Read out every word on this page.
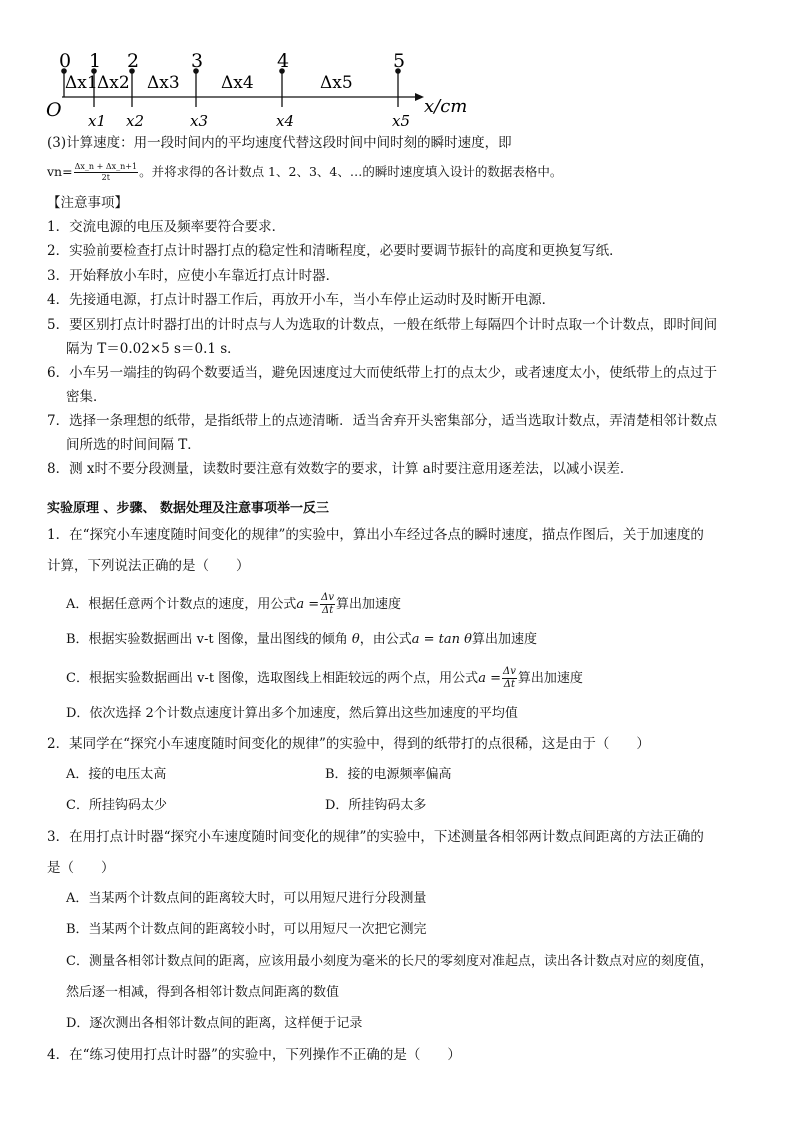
0 1 2	3	4	5
Δx1 Δx2 Δx3 Δx4	Δx5
O	x/cm
x1 x2	x3	x4	x5
(3)计算速度：用一段时间内的平均速度代替这段时间中间时刻的瞬时速度，即
$vn= \frac{\Delta x\_n + \Delta x\_n+1}{2t}$ 。并将求得的各计数点 1、2、3、4、…的瞬时速度填入设计的数据表格中。
【注意事项】
1．交流电源的电压及频率要符合要求．
2．实验前要检查打点计时器打点的稳定性和清晰程度，必要时要调节振针的高度和更换复写纸．
3．开始释放小车时，应使小车靠近打点计时器．
4．先接通电源，打点计时器工作后，再放开小车，当小车停止运动时及时断开电源．
5．要区别打点计时器打出的计时点与人为选取的计数点，一般在纸带上每隔四个计时点取一个计数点，即时间间
隔为 T＝0.02×5 s＝0.1 s．
6．小车另一端挂的钩码个数要适当，避免因速度过大而使纸带上打的点太少，或者速度太小，使纸带上的点过于
密集．
7．选择一条理想的纸带，是指纸带上的点迹清晰．适当舍弃开头密集部分，适当选取计数点，弄清楚相邻计数点
间所选的时间间隔 T．
8．测 x时不要分段测量，读数时要注意有效数字的要求，计算 a时要注意用逐差法，以减小误差．
实验原理 、步骤、 数据处理及注意事项举一反三
1．在“探究小车速度随时间变化的规律”的实验中，算出小车经过各点的瞬时速度，描点作图后，关于加速度的
计算，下列说法正确的是（　　）
A．根据任意两个计数点的速度，用公式$a = \frac{\Delta v}{\Delta t}$ 算出加速度
B．根据实验数据画出 v-t 图像，量出图线的倾角 θ，由公式a = tan θ算出加速度
C．根据实验数据画出 v-t 图像，选取图线上相距较远的两个点，用公式$a = \frac{\Delta v}{\Delta t}$ 算出加速度
D．依次选择 2个计数点速度计算出多个加速度，然后算出这些加速度的平均值
2．某同学在“探究小车速度随时间变化的规律”的实验中，得到的纸带打的点很稀，这是由于（　　）
A．接的电压太高	B．接的电源频率偏高
C．所挂钩码太少	D．所挂钩码太多
3．在用打点计时器“探究小车速度随时间变化的规律”的实验中，下述测量各相邻两计数点间距离的方法正确的
是（　　）
A．当某两个计数点间的距离较大时，可以用短尺进行分段测量
B．当某两个计数点间的距离较小时，可以用短尺一次把它测完
C．测量各相邻计数点间的距离，应该用最小刻度为毫米的长尺的零刻度对准起点，读出各计数点对应的刻度值，
然后逐一相减，得到各相邻计数点间距离的数值
D．逐次测出各相邻计数点间的距离，这样便于记录
4．在“练习使用打点计时器”的实验中，下列操作不正确的是（　　）
